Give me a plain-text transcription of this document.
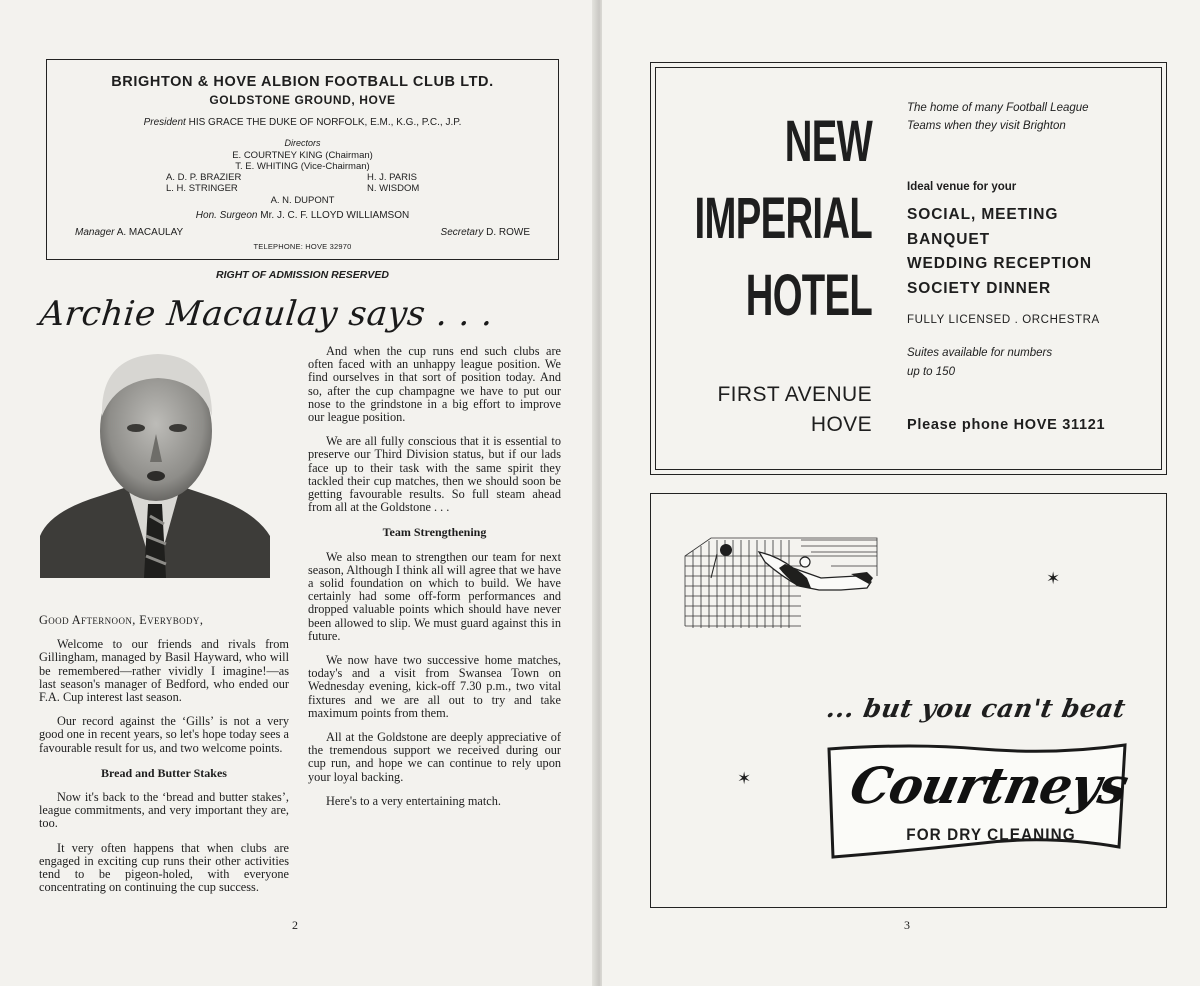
BRIGHTON & HOVE ALBION FOOTBALL CLUB LTD.
GOLDSTONE GROUND, HOVE
President HIS GRACE THE DUKE OF NORFOLK, E.M., K.G., P.C., J.P.
Directors
E. COURTNEY KING (Chairman)
T. E. WHITING (Vice-Chairman)
A. D. P. BRAZIER	H. J. PARIS
L. H. STRINGER	N. WISDOM
A. N. DUPONT
Hon. Surgeon Mr. J. C. F. LLOYD WILLIAMSON
Manager A. MACAULAY	Secretary D. ROWE
TELEPHONE: HOVE 32970
RIGHT OF ADMISSION RESERVED
Archie Macaulay says . . .

Good Afternoon, Everybody,

Welcome to our friends and rivals from Gillingham, managed by Basil Hayward, who will be remembered—rather vividly I imagine!—as last season's manager of Bedford, who ended our F.A. Cup interest last season.

Our record against the ‘Gills’ is not a very good one in recent years, so let's hope today sees a favourable result for us, and two welcome points.

Bread and Butter Stakes

Now it's back to the ‘bread and butter stakes’, league commitments, and very important they are, too.

It very often happens that when clubs are engaged in exciting cup runs their other activities tend to be pigeon-holed, with everyone concentrating on continuing the cup success.

And when the cup runs end such clubs are often faced with an unhappy league position. We find ourselves in that sort of position today. And so, after the cup champagne we have to put our nose to the grindstone in a big effort to improve our league position.

We are all fully conscious that it is essential to preserve our Third Division status, but if our lads face up to their task with the same spirit they tackled their cup matches, then we should soon be getting favourable results. So full steam ahead from all at the Goldstone . . .

Team Strengthening

We also mean to strengthen our team for next season, Although I think all will agree that we have a solid foundation on which to build. We have certainly had some off-form performances and dropped valuable points which should have never been allowed to slip. We must guard against this in future.

We now have two successive home matches, today's and a visit from Swansea Town on Wednesday evening, kick-off 7.30 p.m., two vital fixtures and we are all out to try and take maximum points from them.

All at the Goldstone are deeply appreciative of the tremendous support we received during our cup run, and hope we can continue to rely upon your loyal backing.

Here's to a very entertaining match.

2
NEW
IMPERIAL
HOTEL
FIRST AVENUE
HOVE
The home of many Football League
Teams when they visit Brighton
Ideal venue for your
SOCIAL, MEETING
BANQUET
WEDDING RECEPTION
SOCIETY DINNER
FULLY LICENSED . ORCHESTRA
Suites available for numbers
up to 150
Please phone HOVE 31121
✶
✶
... but you can't beat
Courtneys
FOR DRY CLEANING
3
